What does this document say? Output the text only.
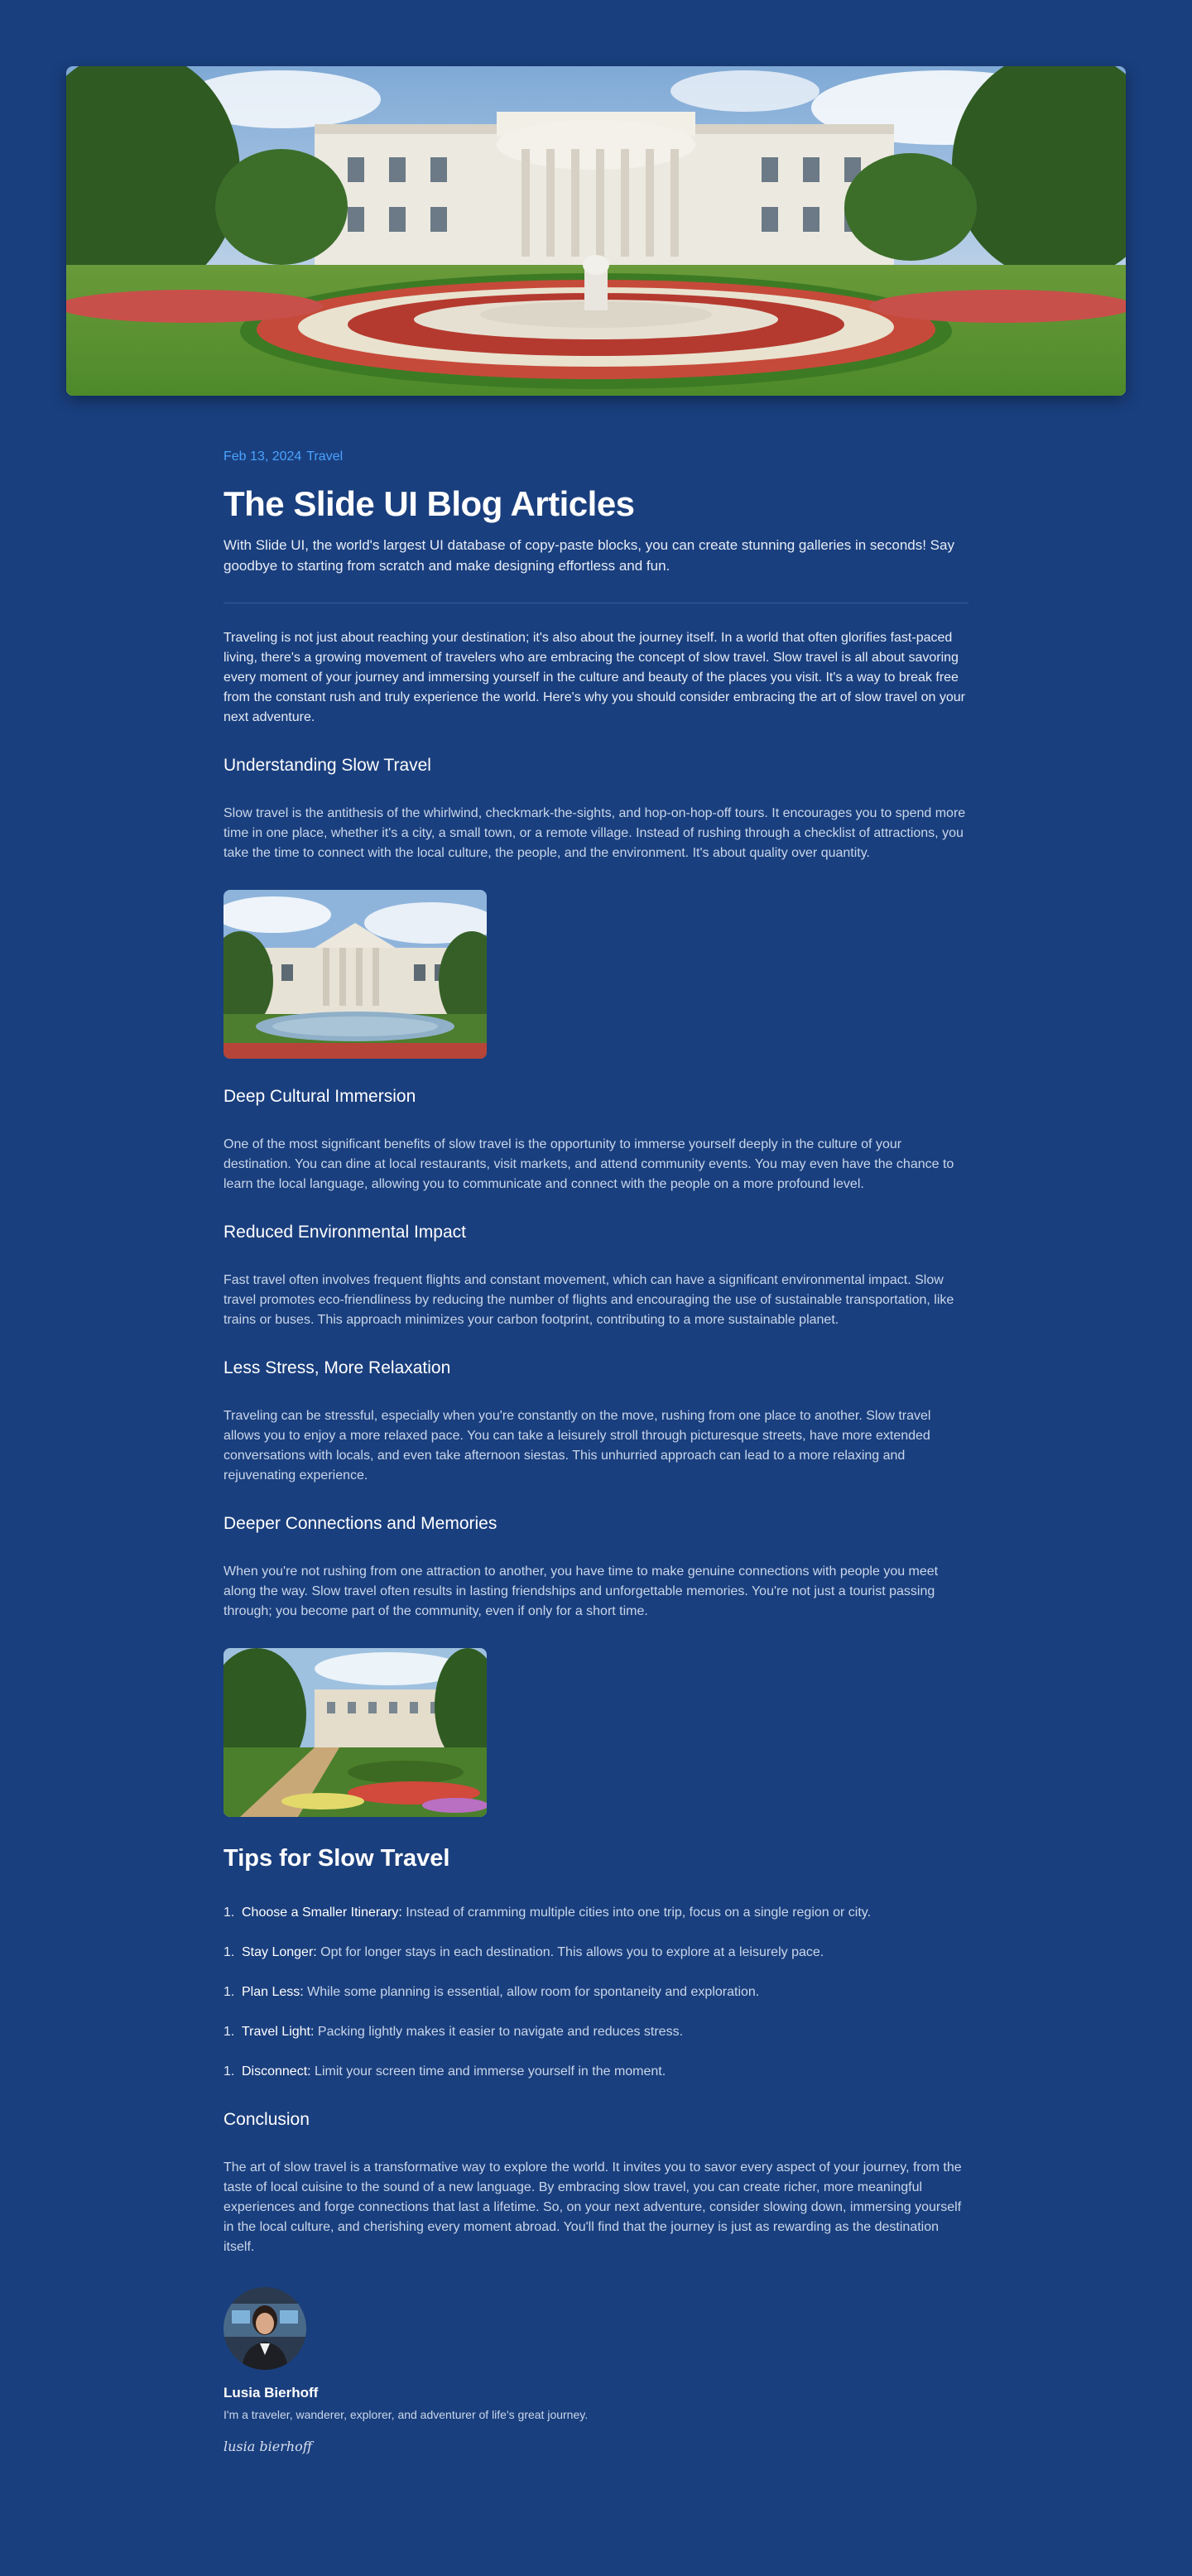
Feb 13, 2024 Travel
The Slide UI Blog Articles

With Slide UI, the world's largest UI database of copy-paste blocks, you can create stunning galleries in seconds! Say goodbye to starting from scratch and make designing effortless and fun.

Traveling is not just about reaching your destination; it's also about the journey itself. In a world that often glorifies fast-paced living, there's a growing movement of travelers who are embracing the concept of slow travel. Slow travel is all about savoring every moment of your journey and immersing yourself in the culture and beauty of the places you visit. It's a way to break free from the constant rush and truly experience the world. Here's why you should consider embracing the art of slow travel on your next adventure.

Understanding Slow Travel

Slow travel is the antithesis of the whirlwind, checkmark-the-sights, and hop-on-hop-off tours. It encourages you to spend more time in one place, whether it's a city, a small town, or a remote village. Instead of rushing through a checklist of attractions, you take the time to connect with the local culture, the people, and the environment. It's about quality over quantity.

Deep Cultural Immersion

One of the most significant benefits of slow travel is the opportunity to immerse yourself deeply in the culture of your destination. You can dine at local restaurants, visit markets, and attend community events. You may even have the chance to learn the local language, allowing you to communicate and connect with the people on a more profound level.

Reduced Environmental Impact

Fast travel often involves frequent flights and constant movement, which can have a significant environmental impact. Slow travel promotes eco-friendliness by reducing the number of flights and encouraging the use of sustainable transportation, like trains or buses. This approach minimizes your carbon footprint, contributing to a more sustainable planet.

Less Stress, More Relaxation

Traveling can be stressful, especially when you're constantly on the move, rushing from one place to another. Slow travel allows you to enjoy a more relaxed pace. You can take a leisurely stroll through picturesque streets, have more extended conversations with locals, and even take afternoon siestas. This unhurried approach can lead to a more relaxing and rejuvenating experience.

Deeper Connections and Memories

When you're not rushing from one attraction to another, you have time to make genuine connections with people you meet along the way. Slow travel often results in lasting friendships and unforgettable memories. You're not just a tourist passing through; you become part of the community, even if only for a short time.

Tips for Slow Travel
1. Choose a Smaller Itinerary: Instead of cramming multiple cities into one trip, focus on a single region or city.
1. Stay Longer: Opt for longer stays in each destination. This allows you to explore at a leisurely pace.
1. Plan Less: While some planning is essential, allow room for spontaneity and exploration.
1. Travel Light: Packing lightly makes it easier to navigate and reduces stress.
1. Disconnect: Limit your screen time and immerse yourself in the moment.
Conclusion

The art of slow travel is a transformative way to explore the world. It invites you to savor every aspect of your journey, from the taste of local cuisine to the sound of a new language. By embracing slow travel, you can create richer, more meaningful experiences and forge connections that last a lifetime. So, on your next adventure, consider slowing down, immersing yourself in the local culture, and cherishing every moment abroad. You'll find that the journey is just as rewarding as the destination itself.

Lusia Bierhoff
I'm a traveler, wanderer, explorer, and adventurer of life's great journey.
lusia bierhoff
